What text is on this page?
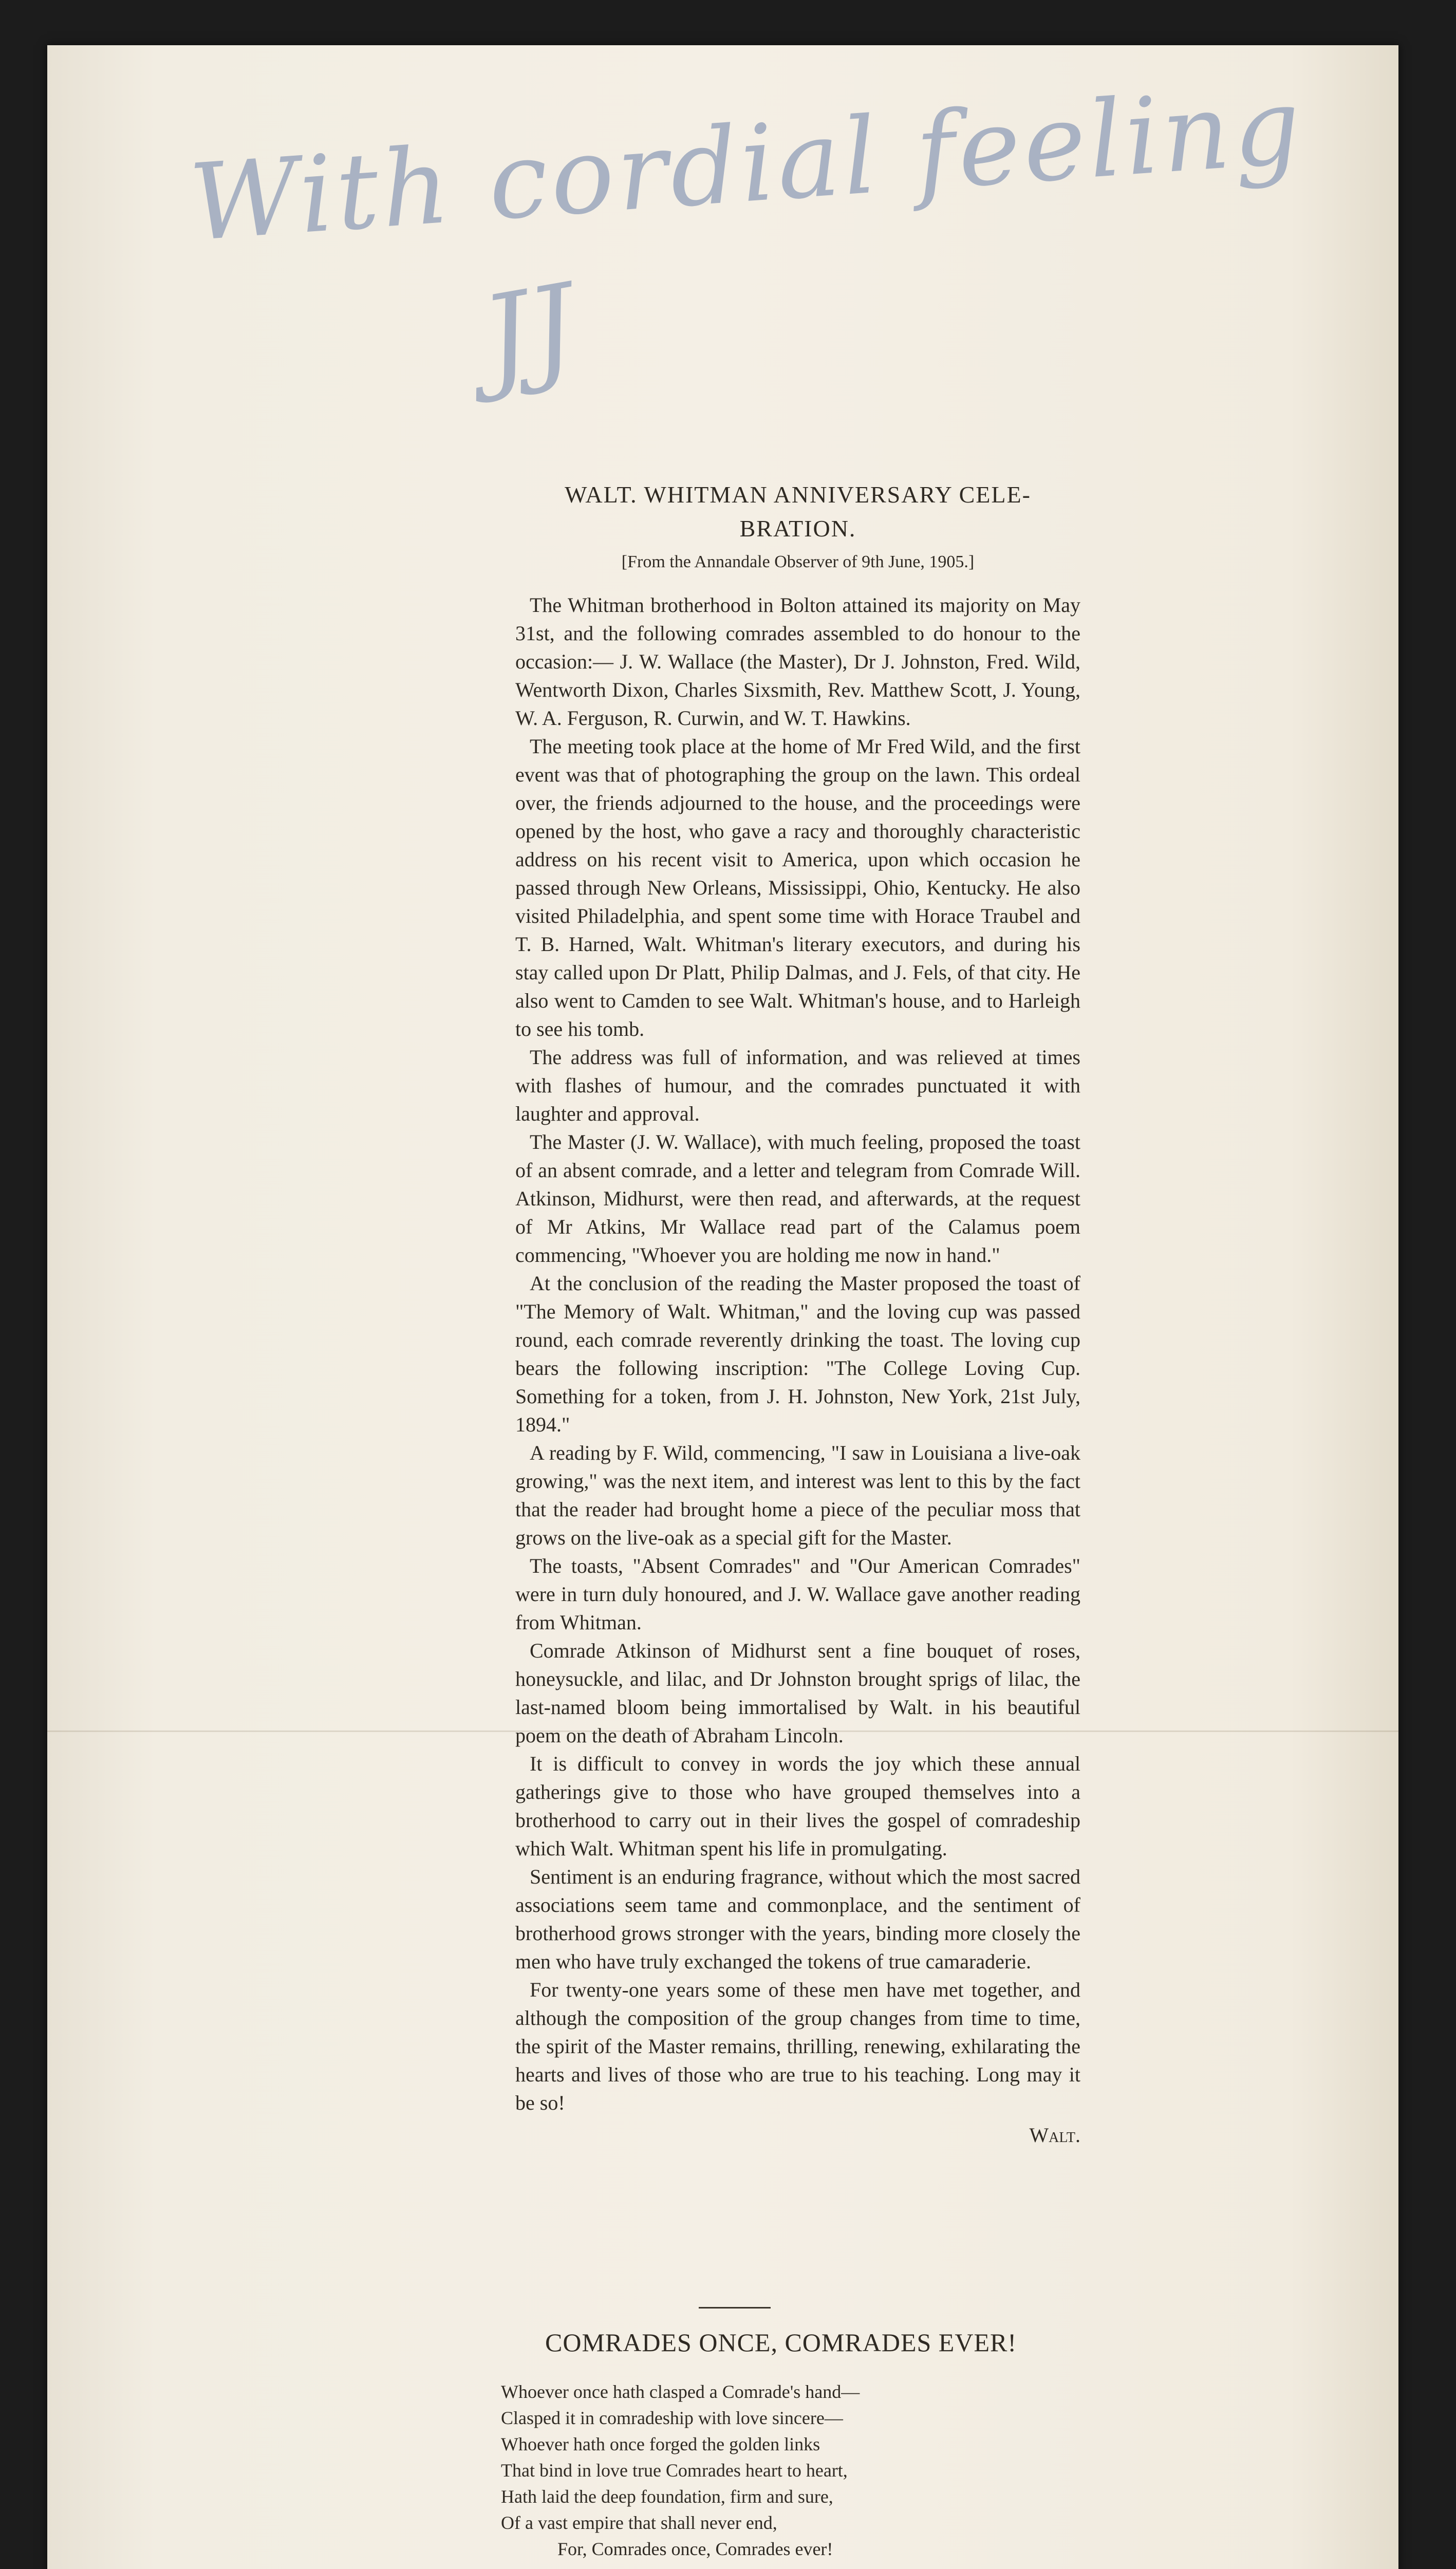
With cordial feeling
JJ
WALT. WHITMAN ANNIVERSARY CELE-
BRATION.
[From the Annandale Observer of 9th June, 1905.]

The Whitman brotherhood in Bolton attained its majority on May 31st, and the following comrades assembled to do honour to the occasion:— J. W. Wallace (the Master), Dr J. Johnston, Fred. Wild, Wentworth Dixon, Charles Sixsmith, Rev. Matthew Scott, J. Young, W. A. Ferguson, R. Curwin, and W. T. Hawkins.

The meeting took place at the home of Mr Fred Wild, and the first event was that of photographing the group on the lawn. This ordeal over, the friends adjourned to the house, and the proceedings were opened by the host, who gave a racy and thoroughly characteristic address on his recent visit to America, upon which occasion he passed through New Orleans, Mississippi, Ohio, Kentucky. He also visited Philadelphia, and spent some time with Horace Traubel and T. B. Harned, Walt. Whitman's literary executors, and during his stay called upon Dr Platt, Philip Dalmas, and J. Fels, of that city. He also went to Camden to see Walt. Whitman's house, and to Harleigh to see his tomb.

The address was full of information, and was relieved at times with flashes of humour, and the comrades punctuated it with laughter and approval.

The Master (J. W. Wallace), with much feeling, proposed the toast of an absent comrade, and a letter and telegram from Comrade Will. Atkinson, Midhurst, were then read, and afterwards, at the request of Mr Atkins, Mr Wallace read part of the Calamus poem commencing, "Whoever you are holding me now in hand."

At the conclusion of the reading the Master proposed the toast of "The Memory of Walt. Whitman," and the loving cup was passed round, each comrade reverently drinking the toast. The loving cup bears the following inscription: "The College Loving Cup. Something for a token, from J. H. Johnston, New York, 21st July, 1894."

A reading by F. Wild, commencing, "I saw in Louisiana a live-oak growing," was the next item, and interest was lent to this by the fact that the reader had brought home a piece of the peculiar moss that grows on the live-oak as a special gift for the Master.

The toasts, "Absent Comrades" and "Our American Comrades" were in turn duly honoured, and J. W. Wallace gave another reading from Whitman.

Comrade Atkinson of Midhurst sent a fine bouquet of roses, honeysuckle, and lilac, and Dr Johnston brought sprigs of lilac, the last-named bloom being immortalised by Walt. in his beautiful poem on the death of Abraham Lincoln.

It is difficult to convey in words the joy which these annual gatherings give to those who have grouped themselves into a brotherhood to carry out in their lives the gospel of comradeship which Walt. Whitman spent his life in promulgating.

Sentiment is an enduring fragrance, without which the most sacred associations seem tame and commonplace, and the sentiment of brotherhood grows stronger with the years, binding more closely the men who have truly exchanged the tokens of true camaraderie.

For twenty-one years some of these men have met together, and although the composition of the group changes from time to time, the spirit of the Master remains, thrilling, renewing, exhilarating the hearts and lives of those who are true to his teaching. Long may it be so!

Walt.

COMRADES ONCE, COMRADES EVER!
Whoever once hath clasped a Comrade's hand—
Clasped it in comradeship with love sincere—
Whoever hath once forged the golden links
That bind in love true Comrades heart to heart,
Hath laid the deep foundation, firm and sure,
Of a vast empire that shall never end,
For, Comrades once, Comrades ever!
